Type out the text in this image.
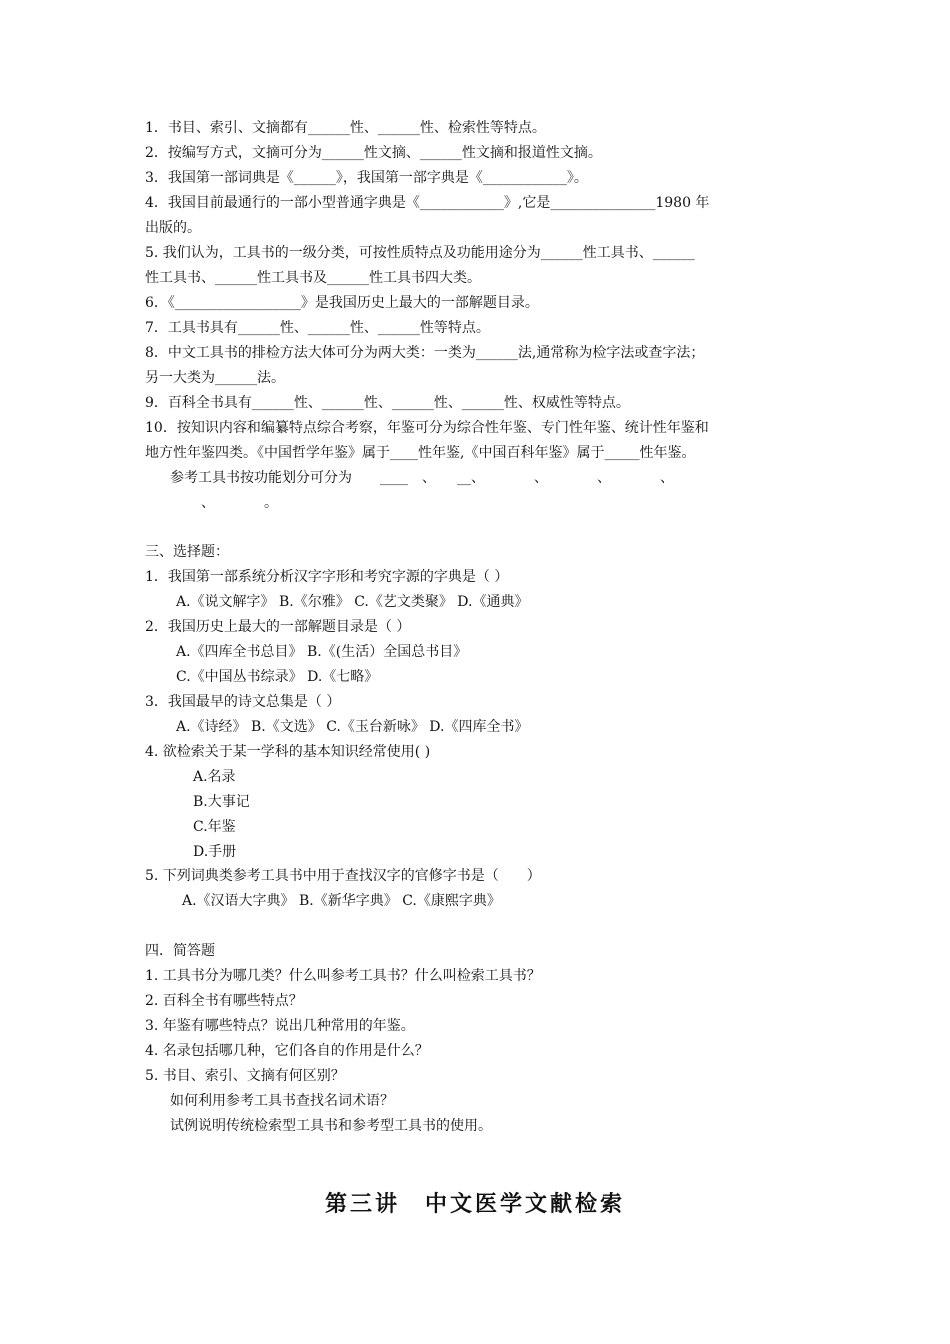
1．书目、索引、文摘都有______性、______性、检索性等特点。
2．按编写方式，文摘可分为______性文摘、______性文摘和报道性文摘。
3．我国第一部词典是《______》，我国第一部字典是《____________》。
4．我国目前最通行的一部小型普通字典是《____________》,它是_______________1980 年
出版的。
5. 我们认为，工具书的一级分类，可按性质特点及功能用途分为______性工具书、______
性工具书、______性工具书及______性工具书四大类。
6．《__________________》是我国历史上最大的一部解题目录。
7．工具书具有______性、______性、______性等特点。
8．中文工具书的排检方法大体可分为两大类：一类为______法,通常称为检字法或查字法；
另一大类为______法。
9．百科全书具有______性、______性、______性、______性、权威性等特点。
10．按知识内容和编纂特点综合考察，年鉴可分为综合性年鉴、专门性年鉴、统计性年鉴和
地方性年鉴四类。《中国哲学年鉴》属于____性年鉴,《中国百科年鉴》属于_____性年鉴。
参考工具书按功能划分可分为　　____　、　　__、　　　　、　　　　、　　　　、
　　　　、　　　　。
三、选择题：
1．我国第一部系统分析汉字字形和考究字源的字典是（ ）
A.《说文解字》 B.《尔雅》 C.《艺文类聚》 D.《通典》
2．我国历史上最大的一部解题目录是（ ）
A.《四库全书总目》 B.《(生活）全国总书目》
C.《中国丛书综录》 D.《七略》
3．我国最早的诗文总集是（ ）
A.《诗经》 B.《文选》 C.《玉台新咏》 D.《四库全书》
4. 欲检索关于某一学科的基本知识经常使用( )
A.名录
B.大事记
C.年鉴
D.手册
5. 下列词典类参考工具书中用于查找汉字的官修字书是（　　）
A.《汉语大字典》 B.《新华字典》 C.《康熙字典》
四．简答题
1. 工具书分为哪几类？什么叫参考工具书？什么叫检索工具书？
2. 百科全书有哪些特点？
3. 年鉴有哪些特点？说出几种常用的年鉴。
4. 名录包括哪几种，它们各自的作用是什么？
5. 书目、索引、文摘有何区别？
如何利用参考工具书查找名词术语？
试例说明传统检索型工具书和参考型工具书的使用。
第三讲　中文医学文献检索
